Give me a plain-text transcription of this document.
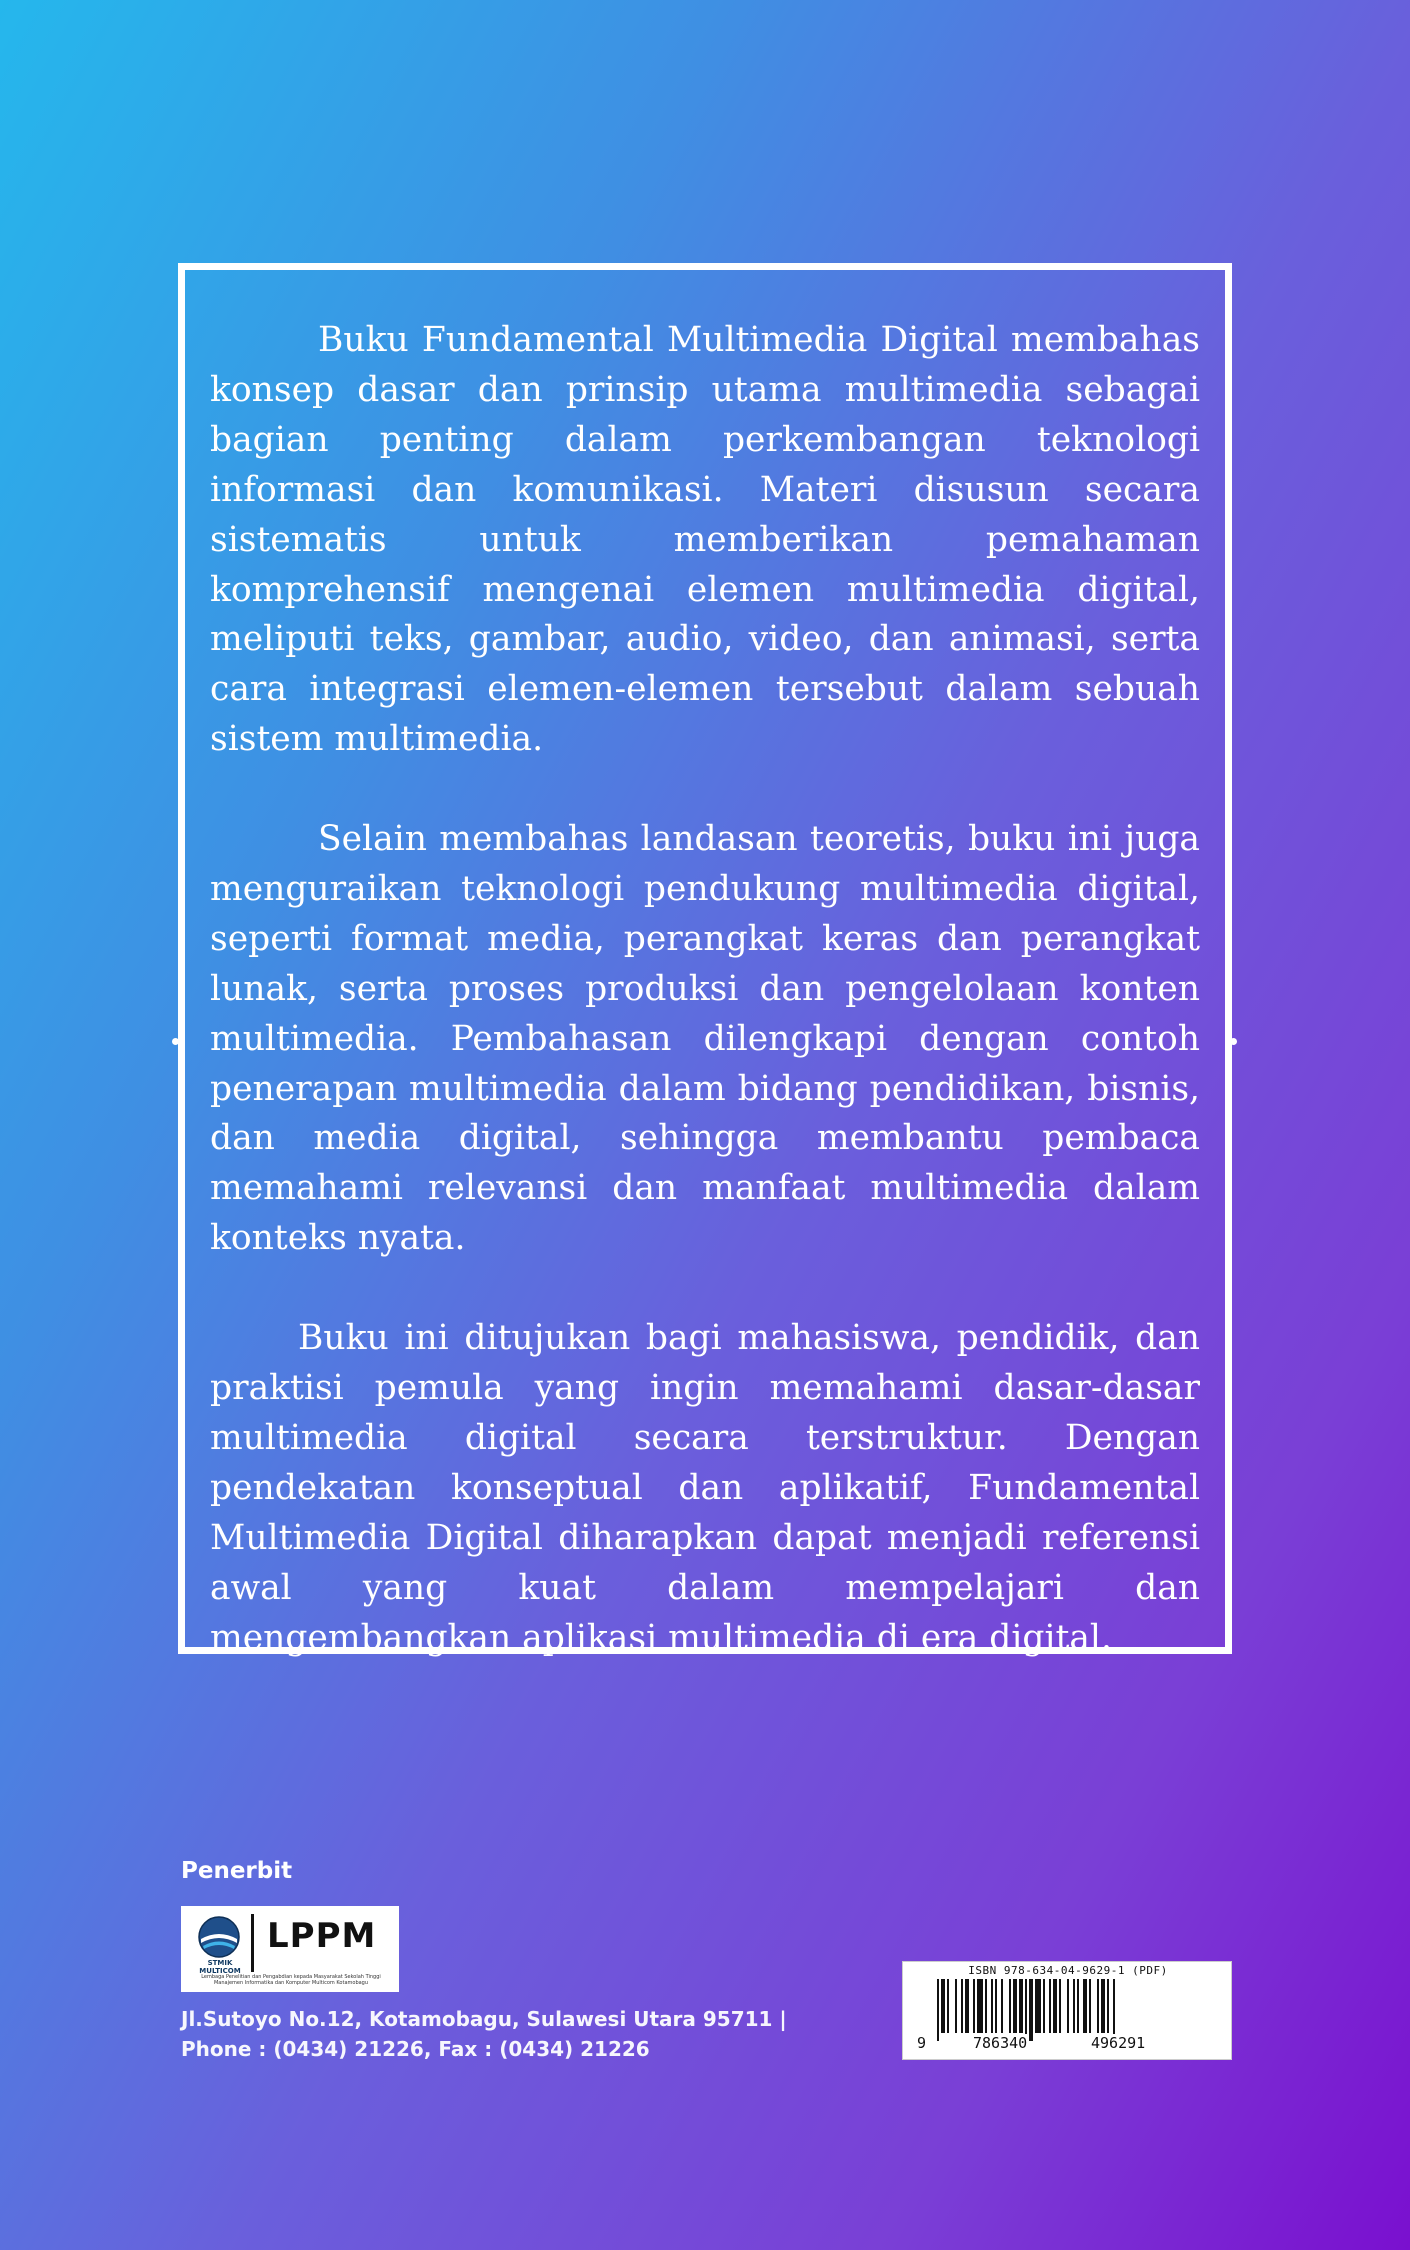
Buku Fundamental Multimedia Digital membahas konsep dasar dan prinsip utama multimedia sebagai bagian penting dalam perkembangan teknologi informasi dan komunikasi. Materi disusun secara sistematis untuk memberikan pemahaman komprehensif mengenai elemen multimedia digital, meliputi teks, gambar, audio, video, dan animasi, serta cara integrasi elemen-elemen tersebut dalam sebuah sistem multimedia.

Selain membahas landasan teoretis, buku ini juga menguraikan teknologi pendukung multimedia digital, seperti format media, perangkat keras dan perangkat lunak, serta proses produksi dan pengelolaan konten multimedia. Pembahasan dilengkapi dengan contoh penerapan multimedia dalam bidang pendidikan, bisnis, dan media digital, sehingga membantu pembaca memahami relevansi dan manfaat multimedia dalam konteks nyata.

Buku ini ditujukan bagi mahasiswa, pendidik, dan praktisi pemula yang ingin memahami dasar-dasar multimedia digital secara terstruktur. Dengan pendekatan konseptual dan aplikatif, Fundamental Multimedia Digital diharapkan dapat menjadi referensi awal yang kuat dalam mempelajari dan mengembangkan aplikasi multimedia di era digital.

Penerbit
STMIK MULTICOM
LPPM
Lembaga Penelitian dan Pengabdian kepada Masyarakat Sekolah Tinggi Manajemen Informatika dan Komputer Multicom Kotamobagu
Jl.Sutoyo No.12, Kotamobagu, Sulawesi Utara 95711 |
Phone : (0434) 21226, Fax : (0434) 21226
ISBN 978-634-04-9629-1 (PDF)
9	786340	496291
